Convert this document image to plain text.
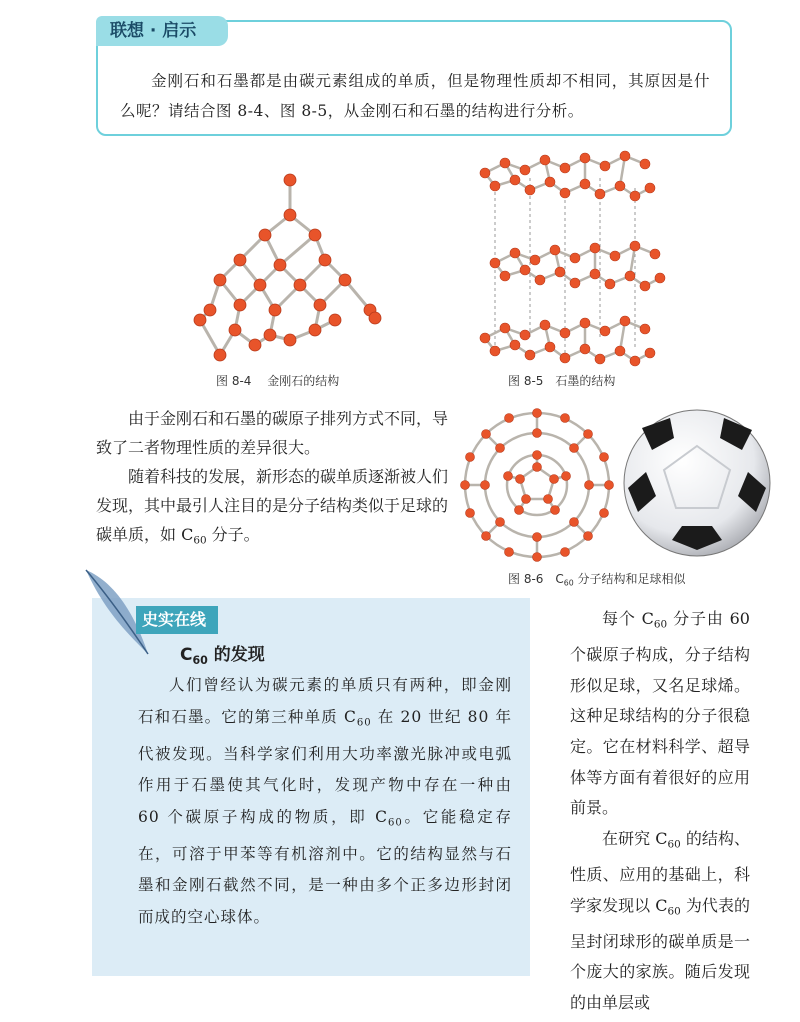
联想 · 启示
金刚石和石墨都是由碳元素组成的单质，但是物理性质却不相同，其原因是什么呢？请结合图 8-4、图 8-5，从金刚石和石墨的结构进行分析。
图 8-4　 金刚石的结构	图 8-5　石墨的结构
由于金刚石和石墨的碳原子排列方式不同，导致了二者物理性质的差异很大。
随着科技的发展，新形态的碳单质逐渐被人们发现，其中最引人注目的是分子结构类似于足球的碳单质，如 $C_{60}$ 分子。
图 8-6　$C_{60}$ 分子结构和足球相似
史实在线
$C_{60}$ 的发现
人们曾经认为碳元素的单质只有两种，即金刚石和石墨。它的第三种单质 $C_{60}$ 在 20 世纪 80 年代被发现。当科学家们利用大功率激光脉冲或电弧作用于石墨使其气化时，发现产物中存在一种由 60 个碳原子构成的物质，即 $C_{60}$。它能稳定存在，可溶于甲苯等有机溶剂中。它的结构显然与石墨和金刚石截然不同，是一种由多个正多边形封闭而成的空心球体。
每个 $C_{60}$ 分子由 60 个碳原子构成，分子结构形似足球，又名足球烯。这种足球结构的分子很稳定。它在材料科学、超导体等方面有着很好的应用前景。
在研究 $C_{60}$ 的结构、性质、应用的基础上，科学家发现以 $C_{60}$ 为代表的呈封闭球形的碳单质是一个庞大的家族。随后发现的由单层或
